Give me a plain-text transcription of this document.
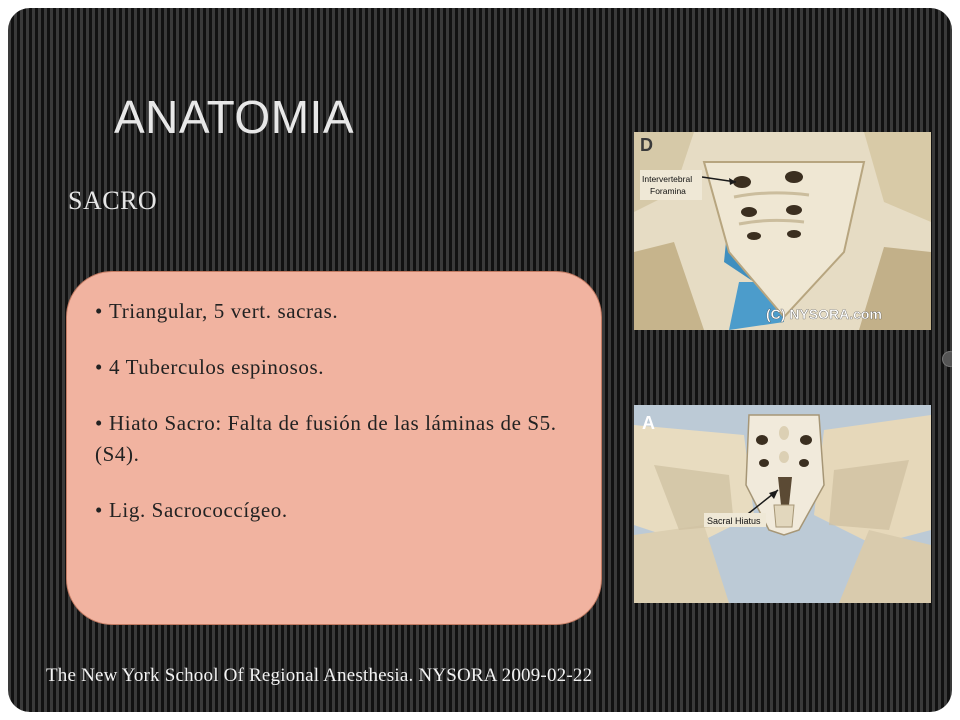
ANATOMIA
SACRO
• Triangular, 5 vert. sacras.
• 4 Tuberculos espinosos.
• Hiato Sacro: Falta de fusión de las láminas de S5. (S4).
• Lig. Sacrococcígeo.
Intervertebral
Foramina
D
(C) NYSORA.com
Sacral Hiatus
A
The New York School Of Regional Anesthesia. NYSORA 2009-02-22
